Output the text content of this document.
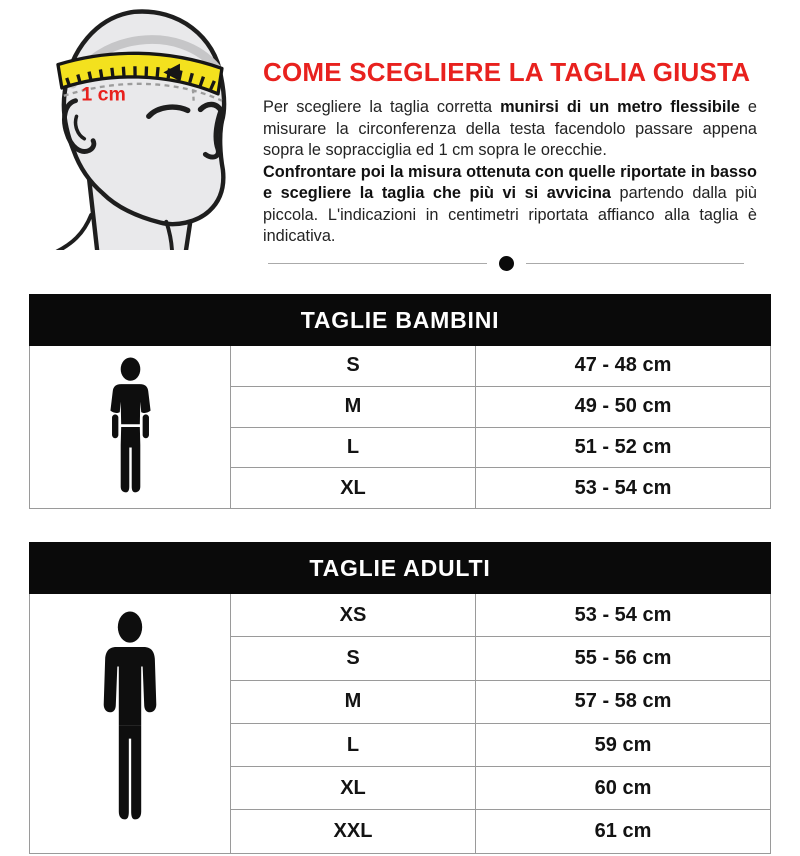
1 cm
COME SCEGLIERE LA TAGLIA GIUSTA

Per scegliere la taglia corretta munirsi di un metro flessibile e misurare la circonferenza della testa facendolo passare appena sopra le sopracciglia ed 1 cm sopra le orecchie.

Confrontare poi la misura ottenuta con quelle riportate in basso e scegliere la taglia che più vi si avvicina partendo dalla più piccola. L'indicazioni in centimetri riportata affianco alla taglia è indicativa.

TAGLIE BAMBINI		

	S	47 - 48 cm
	M	49 - 50 cm
	L	51 - 52 cm
	XL	53 - 54 cm
TAGLIE ADULTI		

	XS	53 - 54 cm
	S	55 - 56 cm
	M	57 - 58 cm
	L	59 cm
	XL	60 cm
	XXL	61 cm
